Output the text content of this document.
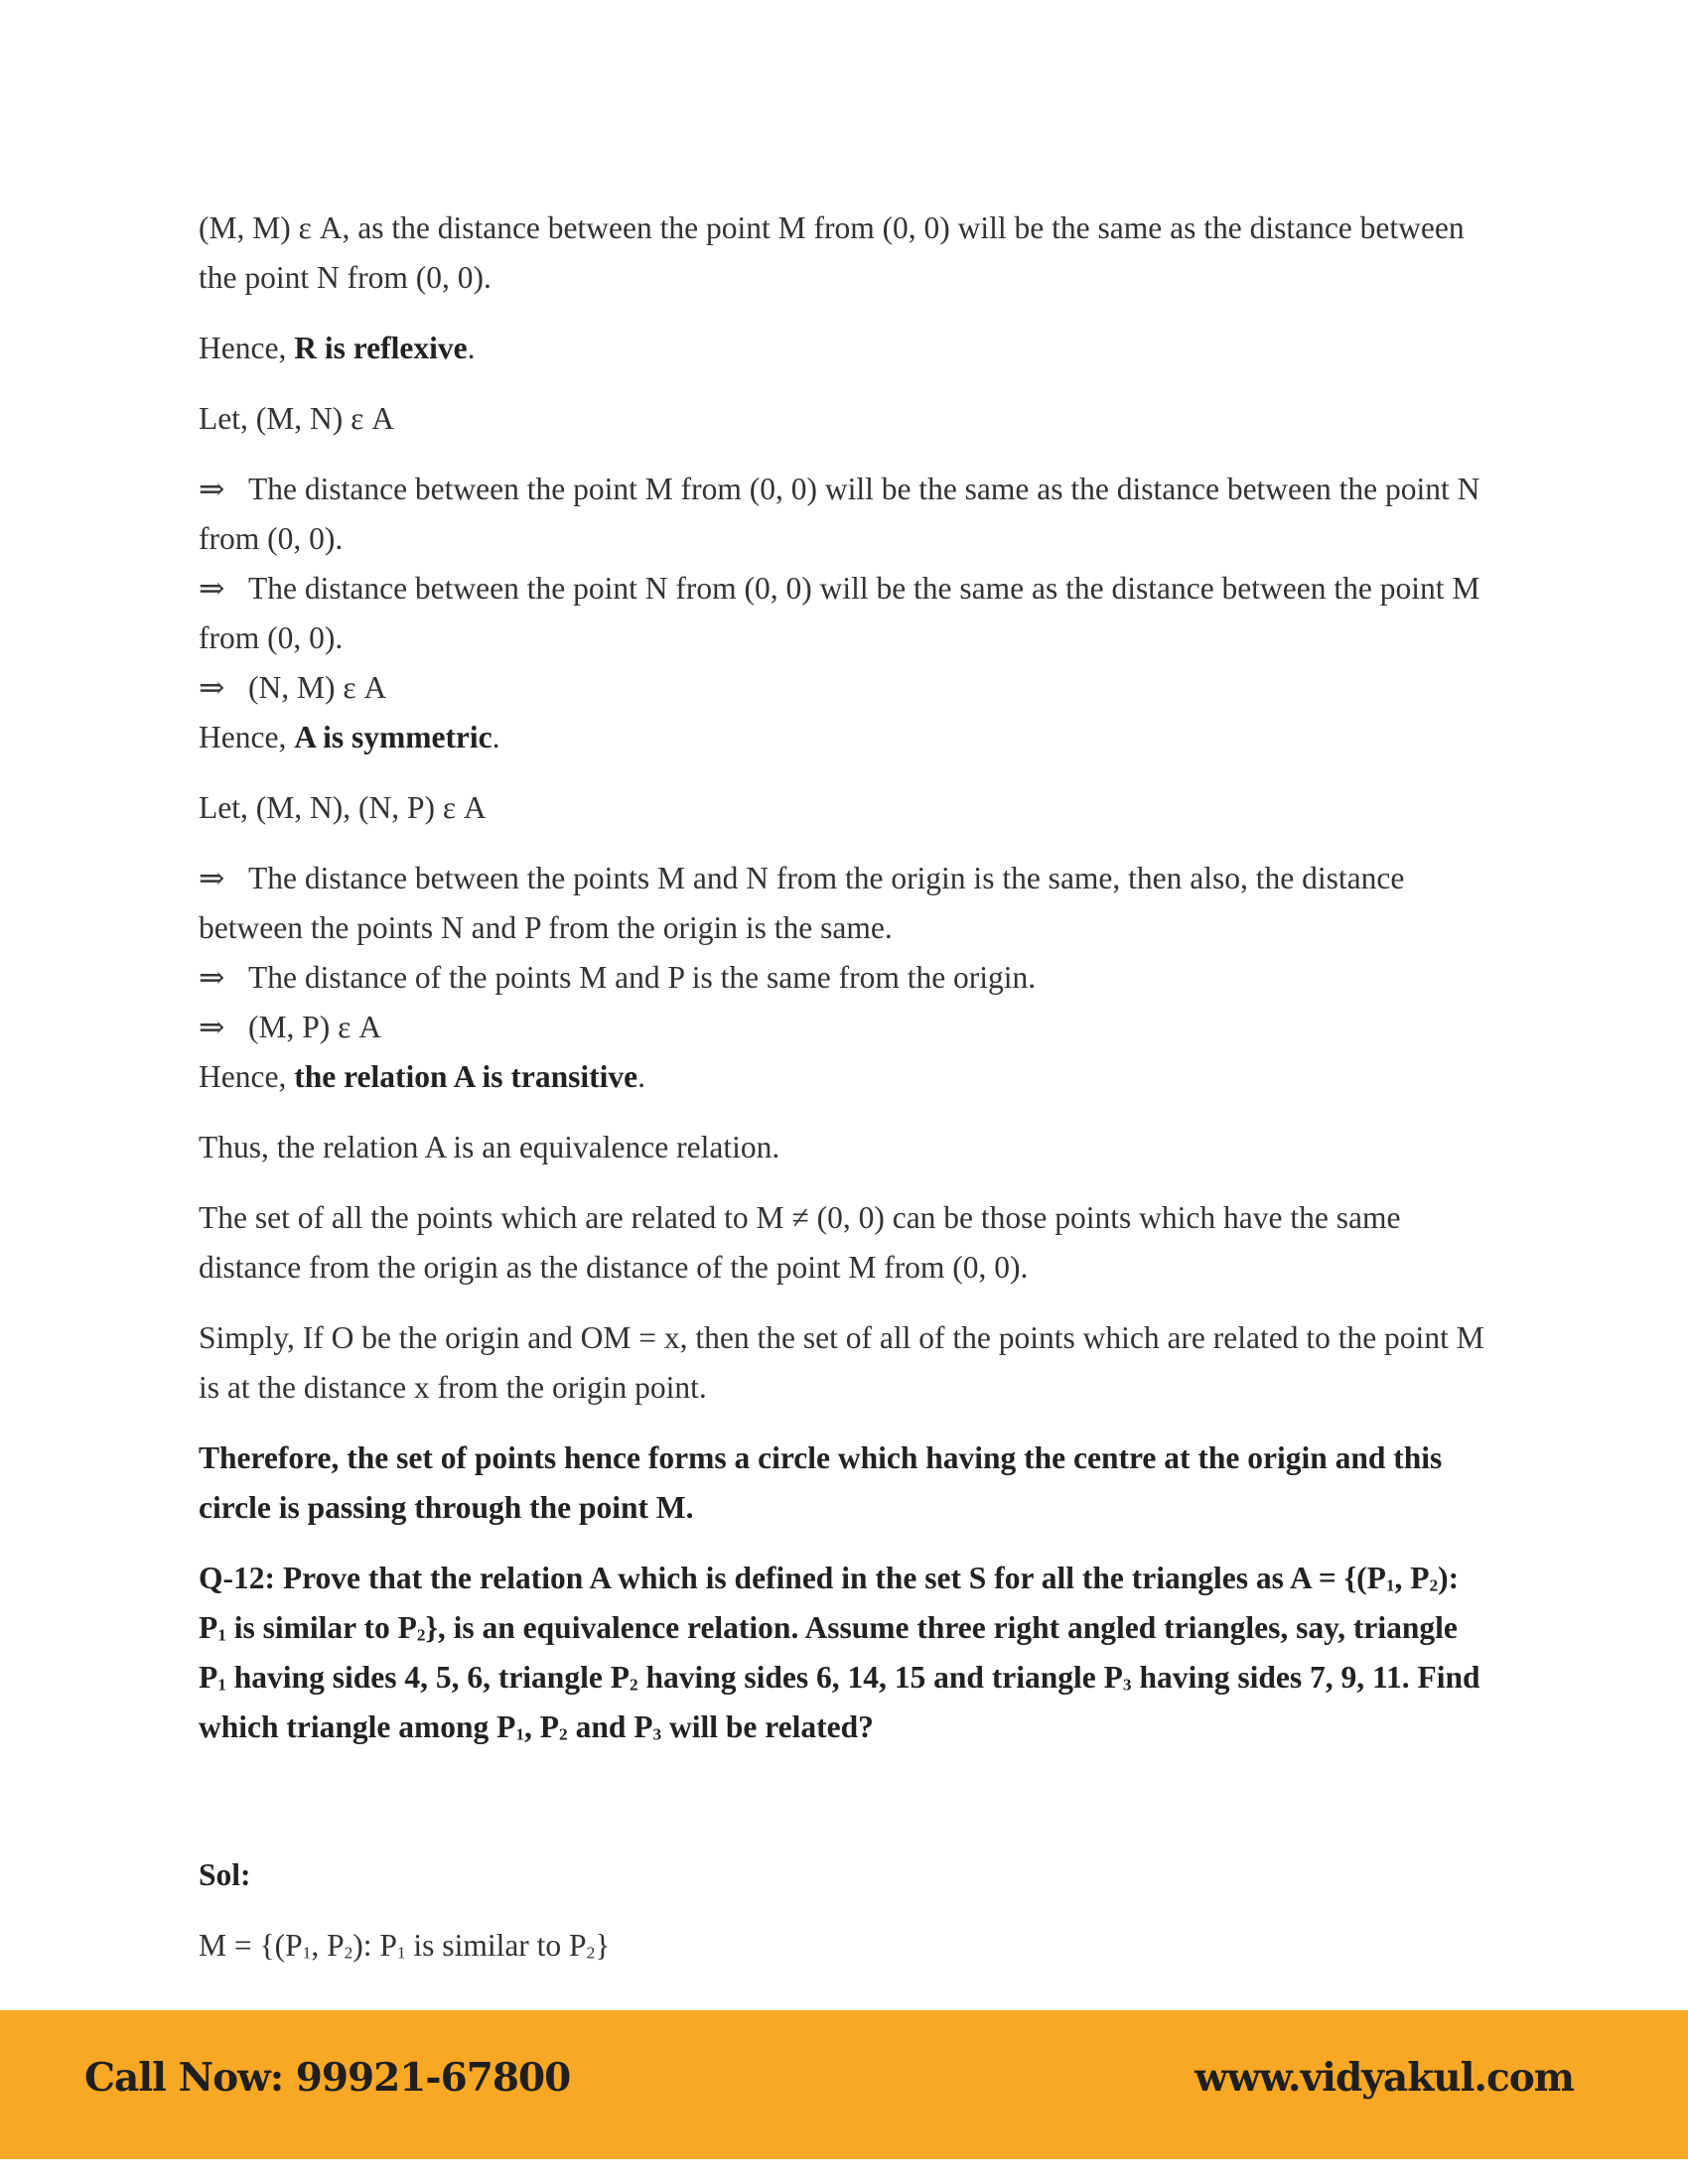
(M, M) ε A, as the distance between the point M from (0, 0) will be the same as the distance between the point N from (0, 0).

Hence, R is reflexive.

Let, (M, N) ε A

⇒ The distance between the point M from (0, 0) will be the same as the distance between the point N from (0, 0).

⇒ The distance between the point N from (0, 0) will be the same as the distance between the point M from (0, 0).

⇒ (N, M) ε A

Hence, A is symmetric.

Let, (M, N), (N, P) ε A

⇒ The distance between the points M and N from the origin is the same, then also, the distance between the points N and P from the origin is the same.

⇒ The distance of the points M and P is the same from the origin.

⇒ (M, P) ε A

Hence, the relation A is transitive.

Thus, the relation A is an equivalence relation.

The set of all the points which are related to M ≠ (0, 0) can be those points which have the same distance from the origin as the distance of the point M from (0, 0).

Simply, If O be the origin and OM = x, then the set of all of the points which are related to the point M is at the distance x from the origin point.

Therefore, the set of points hence forms a circle which having the centre at the origin and this circle is passing through the point M.

Q-12: Prove that the relation A which is defined in the set S for all the triangles as $A = \{(P_1$, $P_2$): $P_1$ is similar to $P_2$}, is an equivalence relation. Assume three right angled triangles, say, triangle $P_1$ having sides 4, 5, 6, triangle $P_2$ having sides 6, 14, 15 and triangle $P_3$ having sides 7, 9, 11. Find which triangle among $P_1$, $P_2$ and $P_3$ will be related?

Sol:

$M = \{(P_1$, $P_2$): $P_1$ is similar to $P_2$}

Call Now: 99921-67800	www.vidyakul.com
